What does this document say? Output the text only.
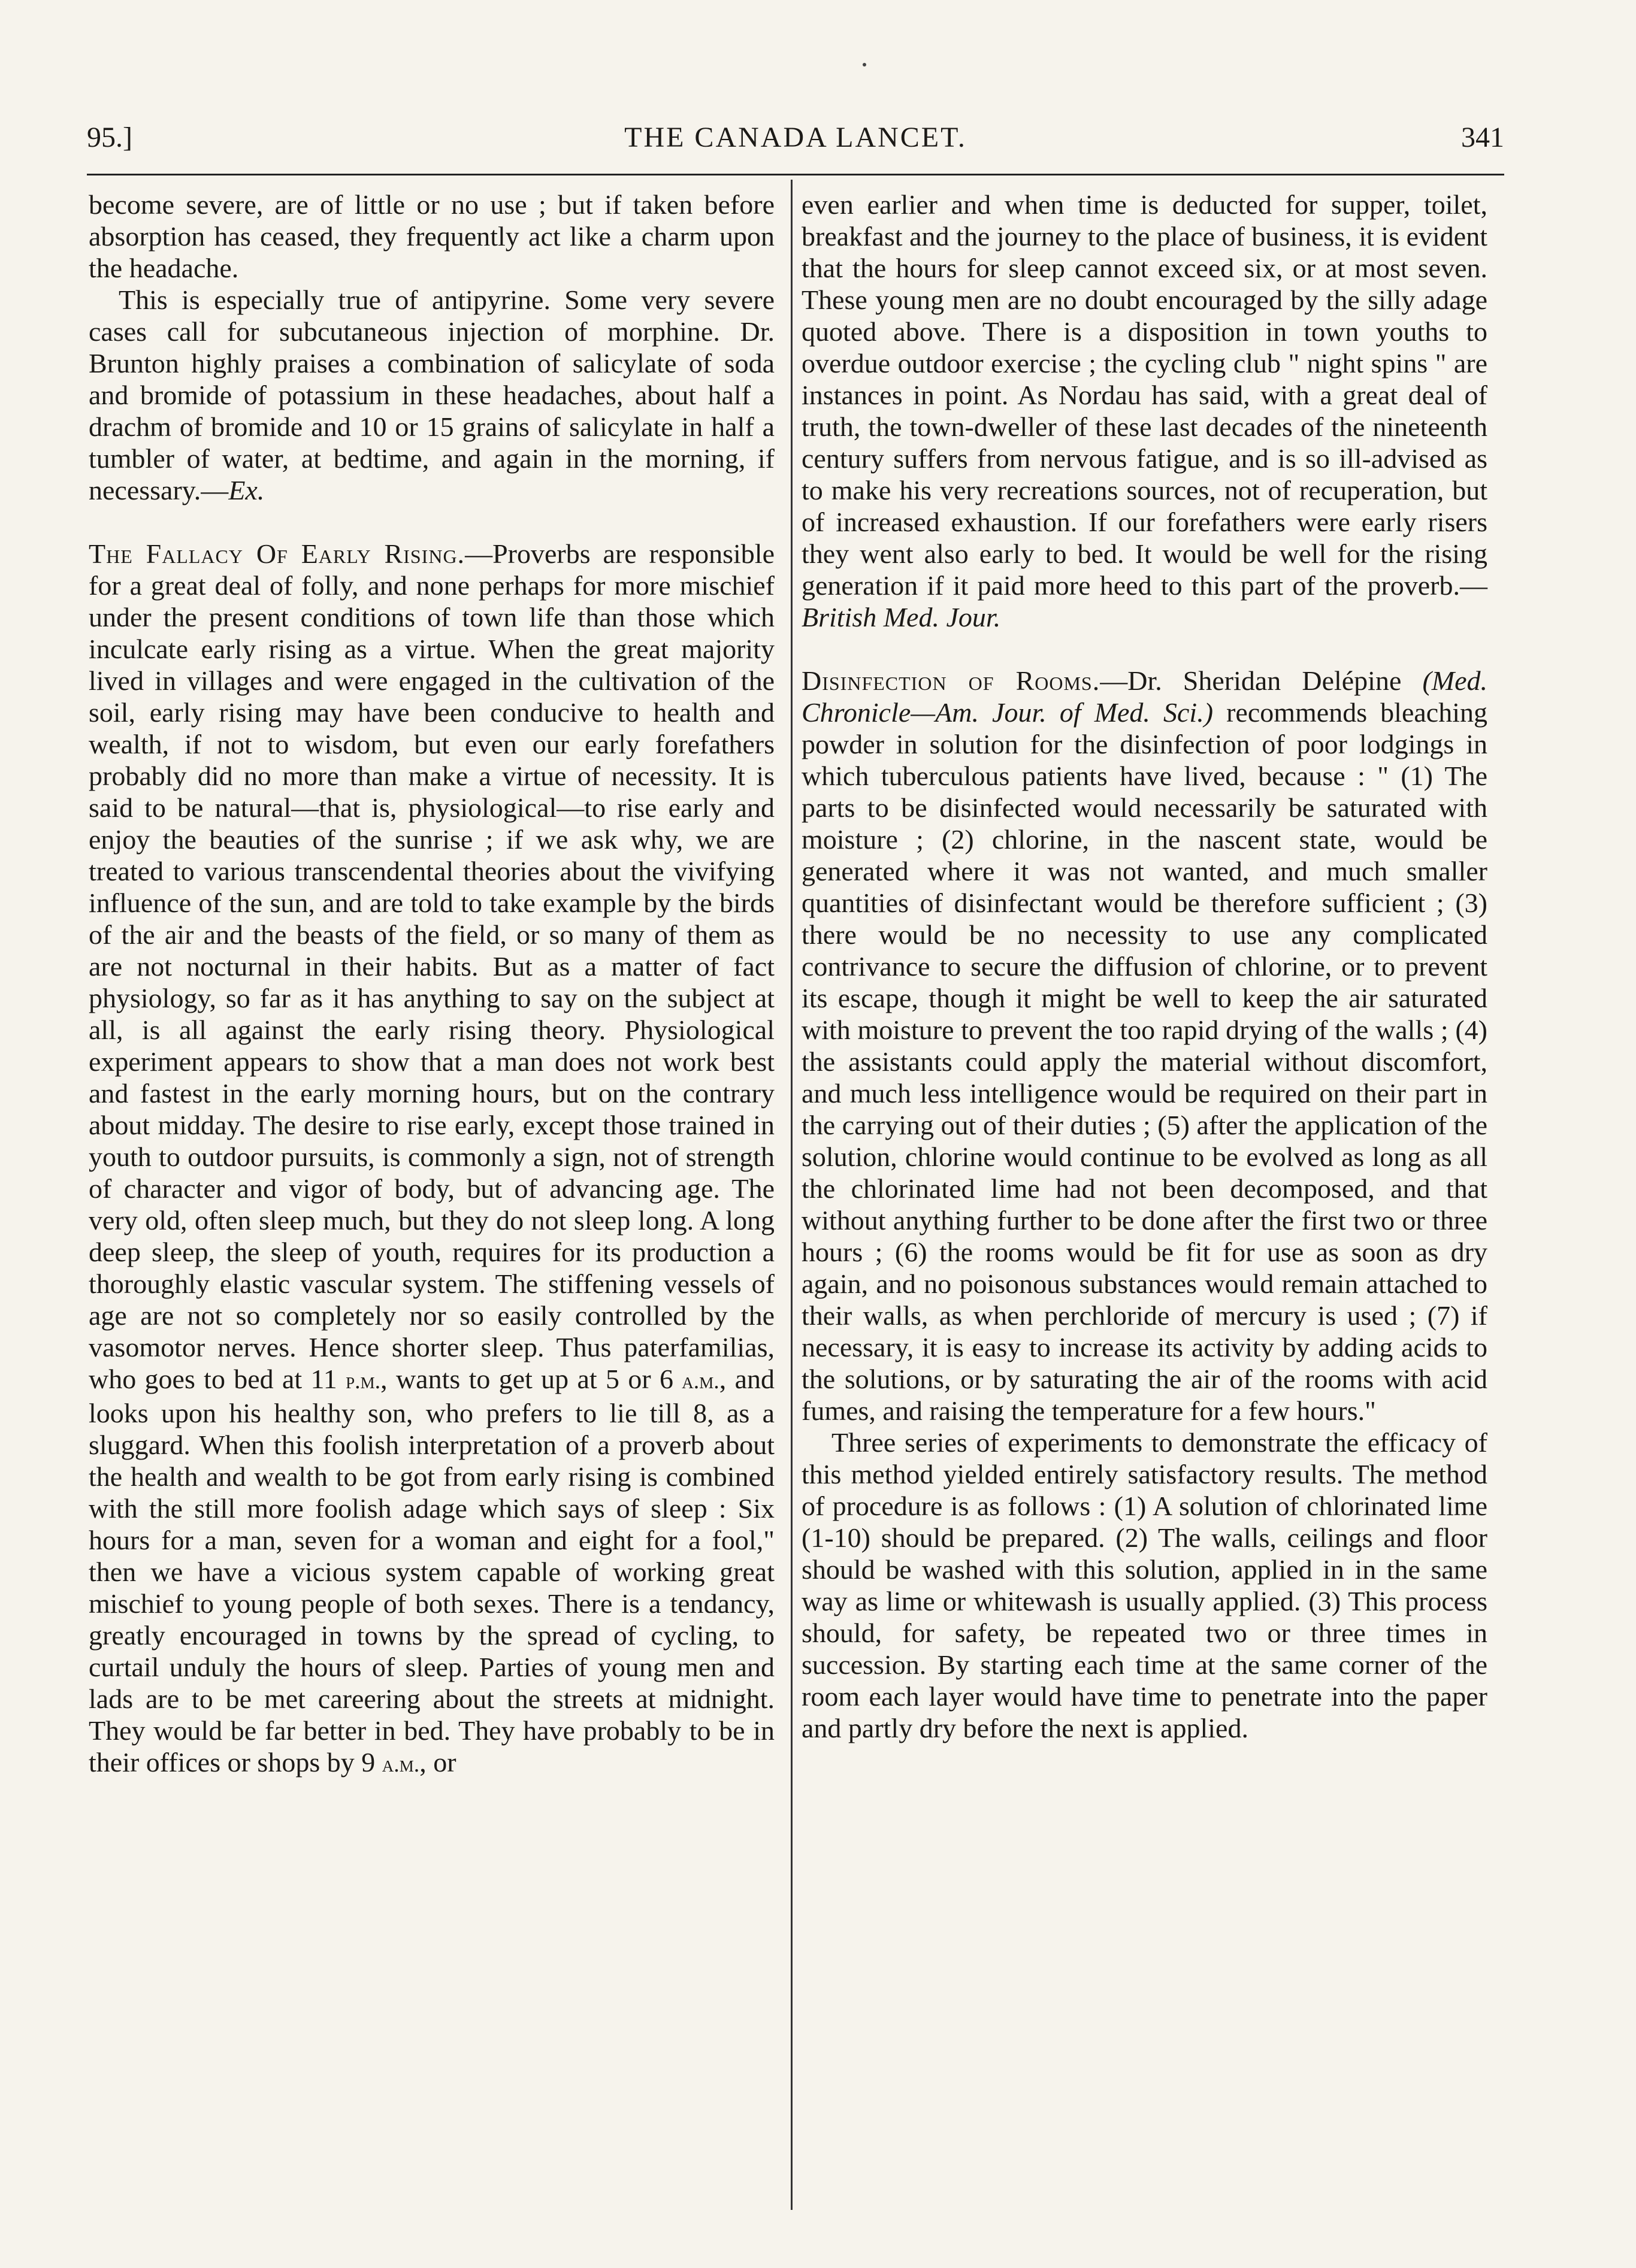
95.]	THE CANADA LANCET.	341

become severe, are of little or no use ; but if taken before absorption has ceased, they frequently act like a charm upon the headache.

This is especially true of antipyrine. Some very severe cases call for subcutaneous injection of morphine. Dr. Brunton highly praises a combination of salicylate of soda and bromide of potassium in these headaches, about half a drachm of bromide and 10 or 15 grains of salicylate in half a tumbler of water, at bedtime, and again in the morning, if necessary.—Ex.

The Fallacy Of Early Rising.—Proverbs are responsible for a great deal of folly, and none perhaps for more mischief under the present conditions of town life than those which inculcate early rising as a virtue. When the great majority lived in villages and were engaged in the cultivation of the soil, early rising may have been conducive to health and wealth, if not to wisdom, but even our early forefathers probably did no more than make a virtue of necessity. It is said to be natural—that is, physiological—to rise early and enjoy the beauties of the sunrise ; if we ask why, we are treated to various transcendental theories about the vivifying influence of the sun, and are told to take example by the birds of the air and the beasts of the field, or so many of them as are not nocturnal in their habits. But as a matter of fact physiology, so far as it has anything to say on the subject at all, is all against the early rising theory. Physiological experiment appears to show that a man does not work best and fastest in the early morning hours, but on the contrary about midday. The desire to rise early, except those trained in youth to outdoor pursuits, is commonly a sign, not of strength of character and vigor of body, but of advancing age. The very old, often sleep much, but they do not sleep long. A long deep sleep, the sleep of youth, requires for its production a thoroughly elastic vascular system. The stiffening vessels of age are not so completely nor so easily controlled by the vasomotor nerves. Hence shorter sleep. Thus paterfamilias, who goes to bed at 11 p.m., wants to get up at 5 or 6 a.m., and looks upon his healthy son, who prefers to lie till 8, as a sluggard. When this foolish interpretation of a proverb about the health and wealth to be got from early rising is combined with the still more foolish adage which says of sleep : Six hours for a man, seven for a woman and eight for a fool," then we have a vicious system capable of working great mischief to young people of both sexes. There is a tendancy, greatly encouraged in towns by the spread of cycling, to curtail unduly the hours of sleep. Parties of young men and lads are to be met careering about the streets at midnight. They would be far better in bed. They have probably to be in their offices or shops by 9 a.m., or

even earlier and when time is deducted for supper, toilet, breakfast and the journey to the place of business, it is evident that the hours for sleep cannot exceed six, or at most seven. These young men are no doubt encouraged by the silly adage quoted above. There is a disposition in town youths to overdue outdoor exercise ; the cycling club " night spins " are instances in point. As Nordau has said, with a great deal of truth, the town-dweller of these last decades of the nineteenth century suffers from nervous fatigue, and is so ill-advised as to make his very recreations sources, not of recuperation, but of increased exhaustion. If our forefathers were early risers they went also early to bed. It would be well for the rising generation if it paid more heed to this part of the proverb.—British Med. Jour.

Disinfection of Rooms.—Dr. Sheridan Delépine (Med. Chronicle—Am. Jour. of Med. Sci.) recommends bleaching powder in solution for the disinfection of poor lodgings in which tuberculous patients have lived, because : " (1) The parts to be disinfected would necessarily be saturated with moisture ; (2) chlorine, in the nascent state, would be generated where it was not wanted, and much smaller quantities of disinfectant would be therefore sufficient ; (3) there would be no necessity to use any complicated contrivance to secure the diffusion of chlorine, or to prevent its escape, though it might be well to keep the air saturated with moisture to prevent the too rapid drying of the walls ; (4) the assistants could apply the material without discomfort, and much less intelligence would be required on their part in the carrying out of their duties ; (5) after the application of the solution, chlorine would continue to be evolved as long as all the chlorinated lime had not been decomposed, and that without anything further to be done after the first two or three hours ; (6) the rooms would be fit for use as soon as dry again, and no poisonous substances would remain attached to their walls, as when perchloride of mercury is used ; (7) if necessary, it is easy to increase its activity by adding acids to the solutions, or by saturating the air of the rooms with acid fumes, and raising the temperature for a few hours."

Three series of experiments to demonstrate the efficacy of this method yielded entirely satisfactory results. The method of procedure is as follows : (1) A solution of chlorinated lime (1-10) should be prepared. (2) The walls, ceilings and floor should be washed with this solution, applied in in the same way as lime or whitewash is usually applied. (3) This process should, for safety, be repeated two or three times in succession. By starting each time at the same corner of the room each layer would have time to penetrate into the paper and partly dry before the next is applied.
